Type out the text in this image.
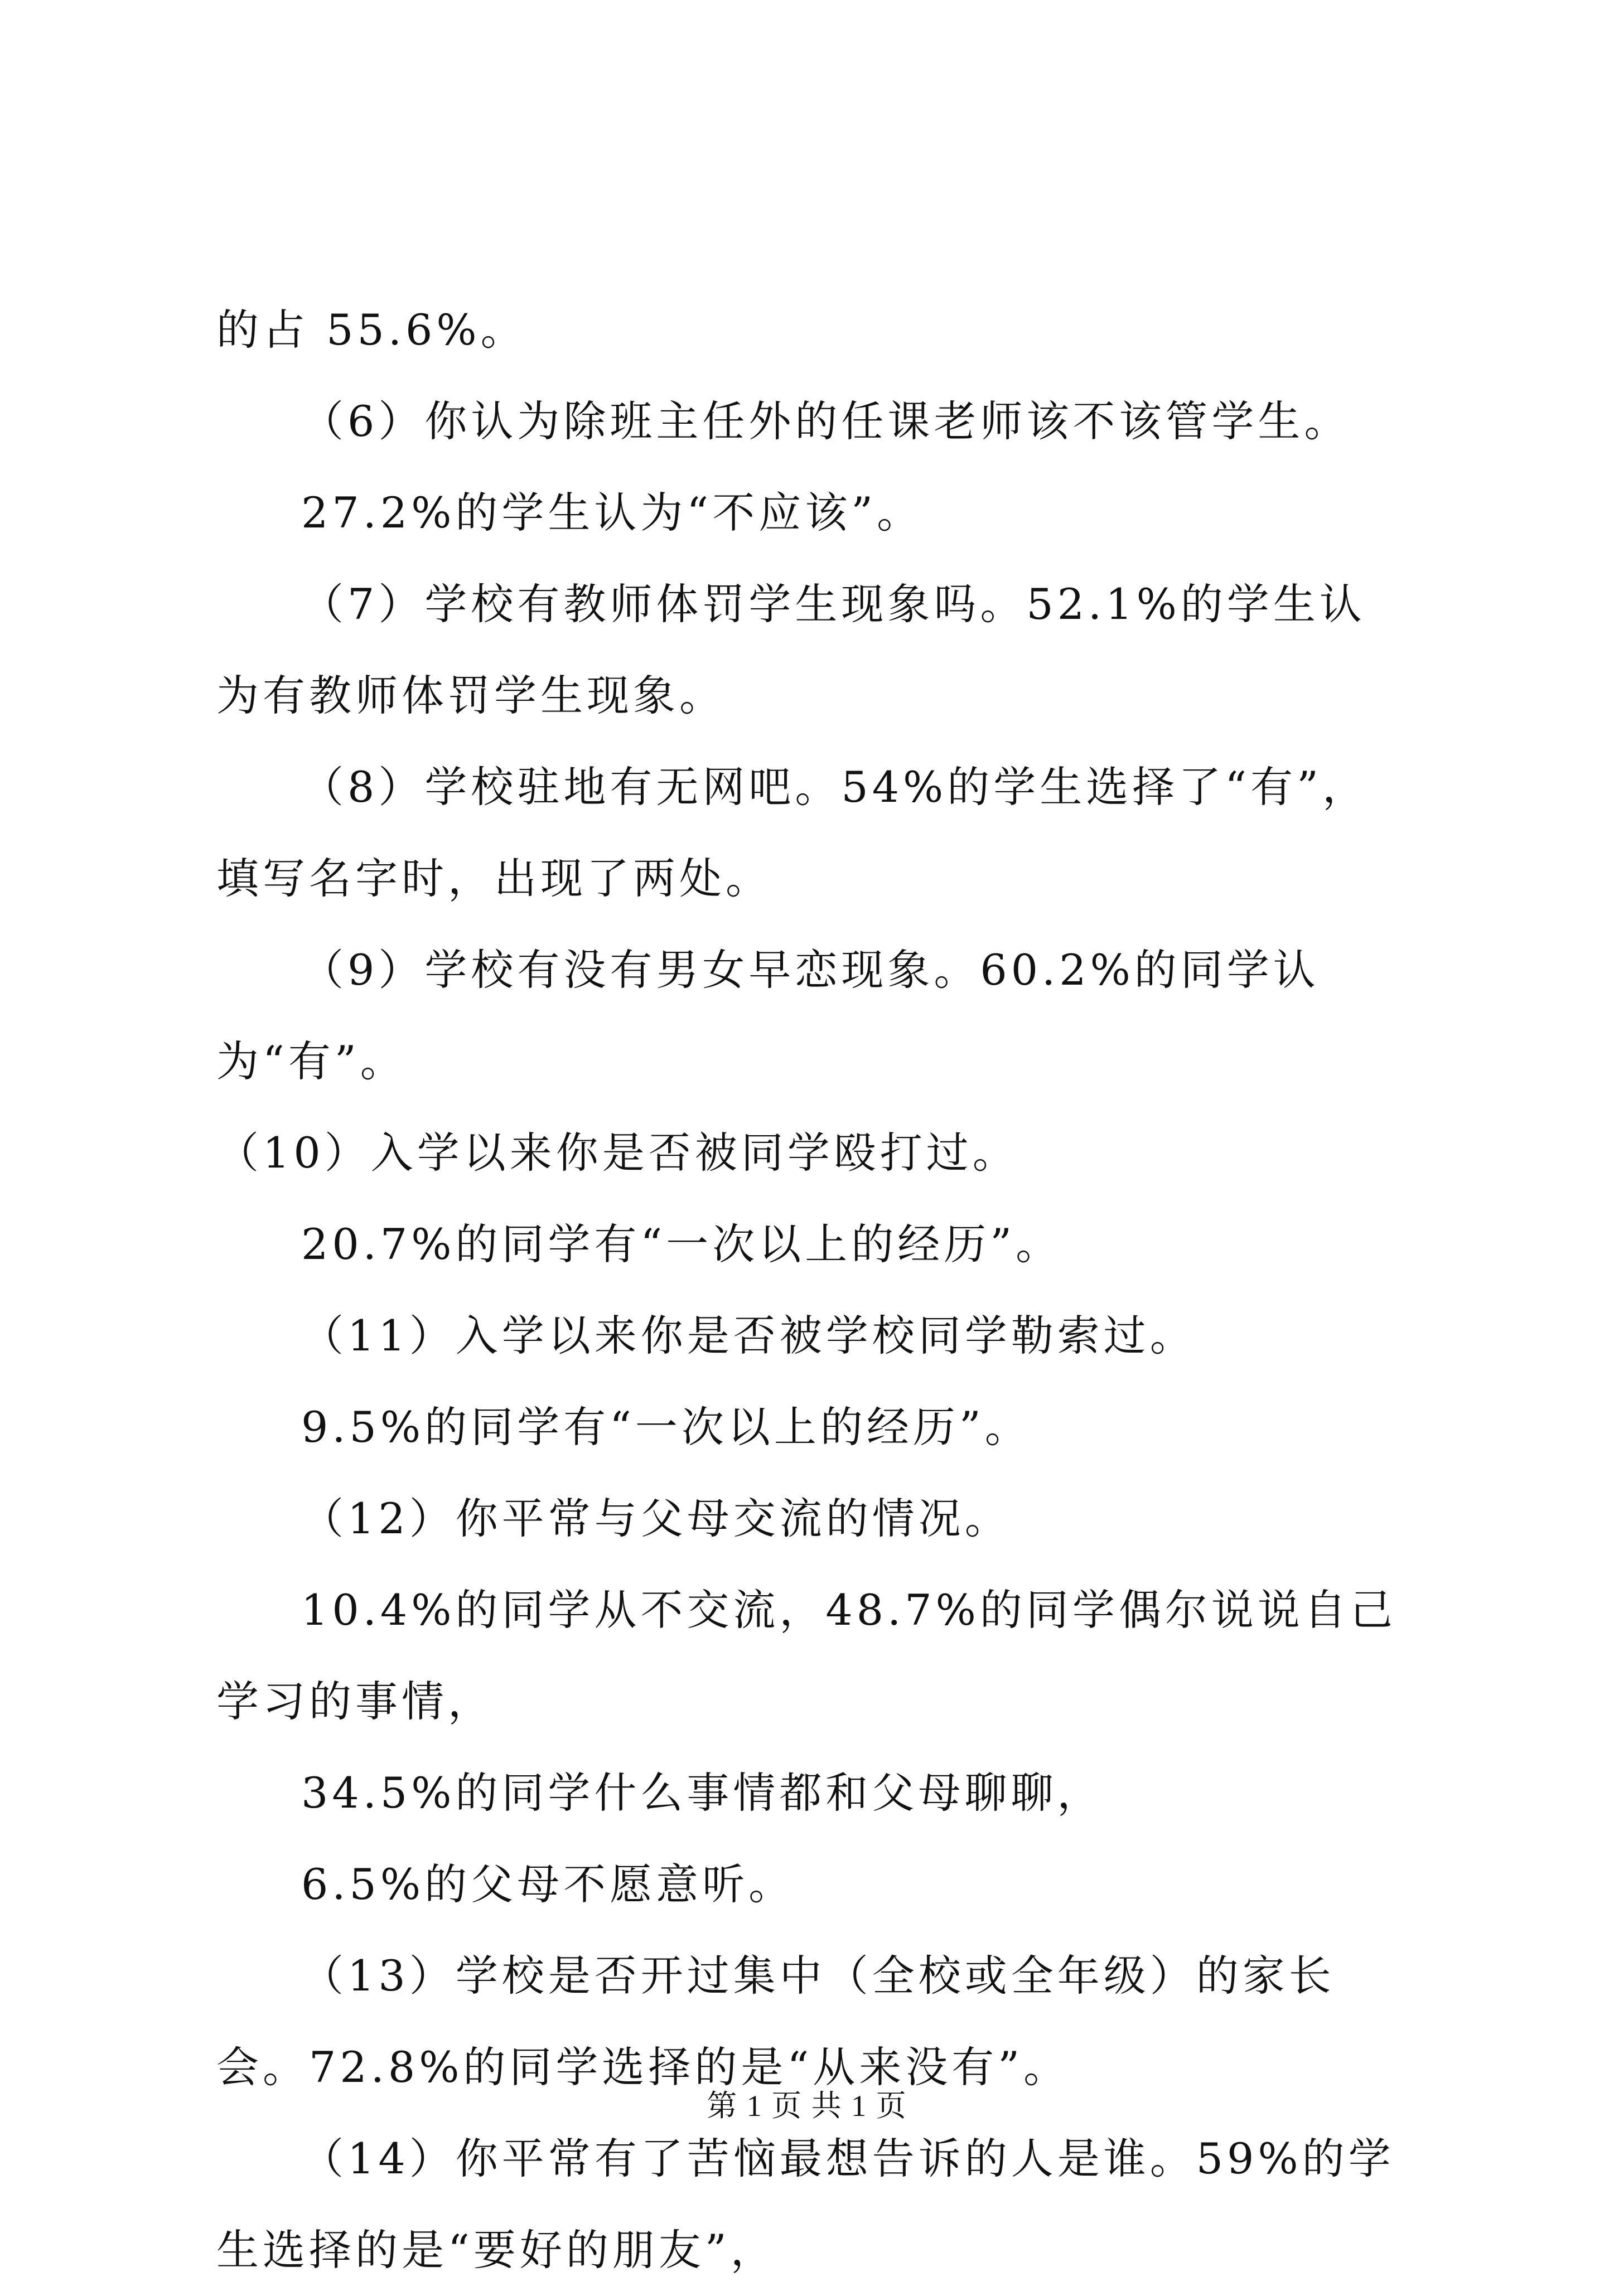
的占 55.6%。

（6）你认为除班主任外的任课老师该不该管学生。

27.2%的学生认为“不应该”。

（7）学校有教师体罚学生现象吗。52.1%的学生认为有教师体罚学生现象。

（8）学校驻地有无网吧。54%的学生选择了“有”，填写名字时，出现了两处。

（9）学校有没有男女早恋现象。60.2%的同学认为“有”。

（10）入学以来你是否被同学殴打过。

20.7%的同学有“一次以上的经历”。

（11）入学以来你是否被学校同学勒索过。

9.5%的同学有“一次以上的经历”。

（12）你平常与父母交流的情况。

10.4%的同学从不交流，48.7%的同学偶尔说说自己学习的事情，

34.5%的同学什么事情都和父母聊聊，

6.5%的父母不愿意听。

（13）学校是否开过集中（全校或全年级）的家长会。72.8%的同学选择的是“从来没有”。

（14）你平常有了苦恼最想告诉的人是谁。59%的学生选择的是“要好的朋友”，

第 1 页 共 1 页
